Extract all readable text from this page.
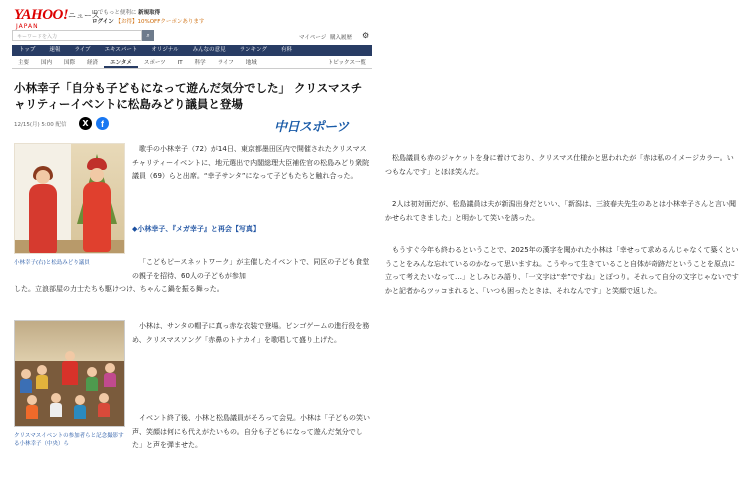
YAHOO!
JAPAN
ニュース
IDでもっと便利に 新規取得
ログイン 【お得】10%OFFクーポンあります
キーワードを入力	⌕	マイページ 購入履歴 ⚙
トップ	速報	ライブ	エキスパート	オリジナル	みんなの意見	ランキング	有料
主要	国内	国際	経済	エンタメ	スポーツ	IT	科学	ライフ	地域	トピックス一覧
小林幸子「自分も子どもになって遊んだ気分でした」 クリスマスチャリティーイベントに松島みどり議員と登場
12/15(月) 5:00 配信	X	f	中日スポーツ
小林幸子(右)と松島みどり議員

歌手の小林幸子（72）が14日、東京都墨田区内で開催されたクリスマスチャリティーイベントに、地元選出で内閣総理大臣補佐官の松島みどり衆院議員（69）らと出席。“幸子サンタ”になって子どもたちと触れ合った。

◆小林幸子、『メガ幸子』と再会【写真】

「こどもピースネットワーク」が主催したイベントで、同区の子ども食堂の親子を招待、60人の子どもが参加

した。立浪部屋の力士たちも駆けつけ、ちゃんこ鍋を振る舞った。

クリスマスイベントの参加者らと記念撮影する小林幸子（中央）ら

小林は、サンタの帽子に真っ赤な衣装で登場。ビンゴゲームの進行役を務め、クリスマスソング「赤鼻のトナカイ」を歌唱して盛り上げた。

イベント終了後、小林と松島議員がそろって会見。小林は「子どもの笑い声、笑顔は何にも代えがたいもの。自分も子どもになって遊んだ気分でした」と声を弾ませた。

松島議員も赤のジャケットを身に着けており、クリスマス仕様かと思われたが「赤は私のイメージカラー。いつもなんです」とほほ笑んだ。

2人は初対面だが、松島議員は夫が新潟出身だといい、「新潟は、三波春夫先生のあとは小林幸子さんと言い聞かせられてきました」と明かして笑いを誘った。

もうすぐ今年も終わるということで、2025年の漢字を聞かれた小林は「幸せって求めるんじゃなくて築くということをみんな忘れているのかなって思いますね。こうやって生きていること自体が奇跡だということを原点に立って考えたいなって…」としみじみ語り、「一文字は“幸”ですね」とぽつり。それって自分の文字じゃないですかと記者からツッコまれると、「いつも困ったときは、それなんです」と笑顔で返した。
